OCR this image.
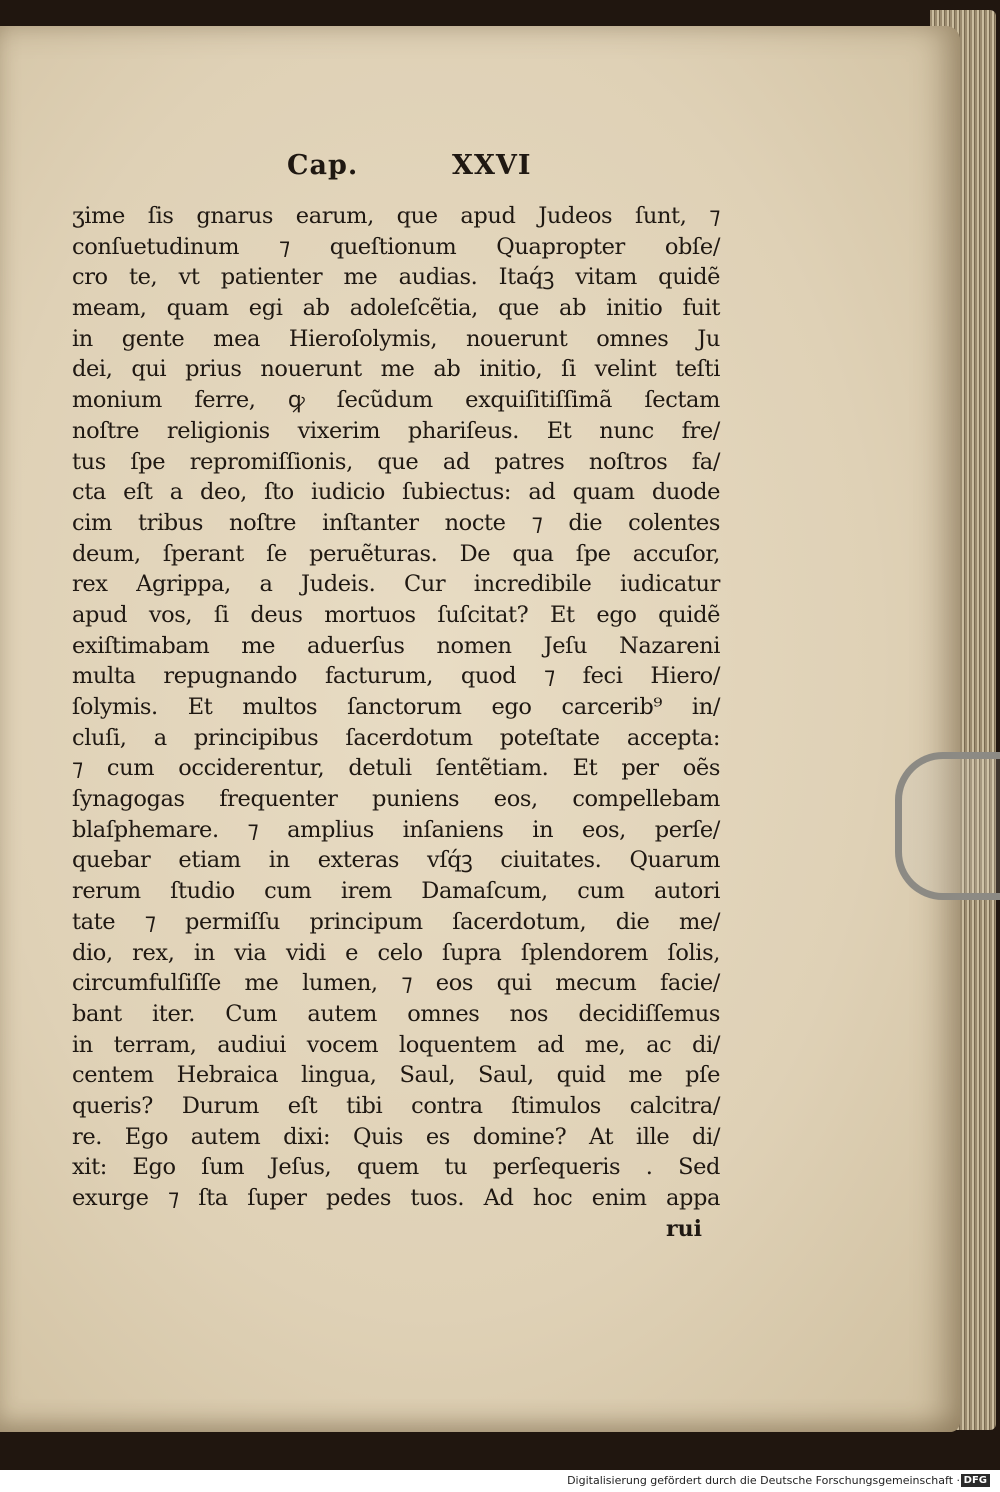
Cap.	XXVI
ʒime ſis gnarus earum, que apud Judeos ſunt, ⁊
conſuetudinum ⁊ queſtionum Quapropter obſe/
cro te, vt patienter me audias. Itaq́ꝫ vitam quidẽ
meam, quam egi ab adoleſcẽtia, que ab initio fuit
in gente mea Hieroſolymis, nouerunt omnes Ju
dei, qui prius nouerunt me ab initio, ſi velint teſti
monium ferre, ꝙ ſecũdum exquiſitiſſimã ſectam
noſtre religionis vixerim phariſeus. Et nunc fre/
tus ſpe repromiſſionis, que ad patres noſtros fa/
cta eſt a deo, ſto iudicio ſubiectus: ad quam duode
cim tribus noſtre inſtanter nocte ⁊ die colentes
deum, ſperant ſe peruẽturas. De qua ſpe accuſor,
rex Agrippa, a Judeis. Cur incredibile iudicatur
apud vos, ſi deus mortuos ſuſcitat? Et ego quidẽ
exiſtimabam me aduerſus nomen Jeſu Nazareni
multa repugnando facturum, quod ⁊ feci Hiero/
ſolymis. Et multos ſanctorum ego carcerib⁹ in/
cluſi, a principibus ſacerdotum poteſtate accepta:
⁊ cum occiderentur, detuli ſentẽtiam. Et per oẽs
ſynagogas frequenter puniens eos, compellebam
blaſphemare. ⁊ amplius inſaniens in eos, perſe/
quebar etiam in exteras vſq́ꝫ ciuitates. Quarum
rerum ſtudio cum irem Damaſcum, cum autori
tate ⁊ permiſſu principum ſacerdotum, die me/
dio, rex, in via vidi e celo ſupra ſplendorem ſolis,
circumfulſiſſe me lumen, ⁊ eos qui mecum facie/
bant iter. Cum autem omnes nos decidiſſemus
in terram, audiui vocem loquentem ad me, ac di/
centem Hebraica lingua, Saul, Saul, quid me pſe
queris? Durum eſt tibi contra ſtimulos calcitra/
re. Ego autem dixi: Quis es domine? At ille di/
xit: Ego ſum Jeſus, quem tu perſequeris . Sed
exurge ⁊ ſta ſuper pedes tuos. Ad hoc enim appa
rui
Digitalisierung gefördert durch die Deutsche Forschungsgemeinschaft · DFG
